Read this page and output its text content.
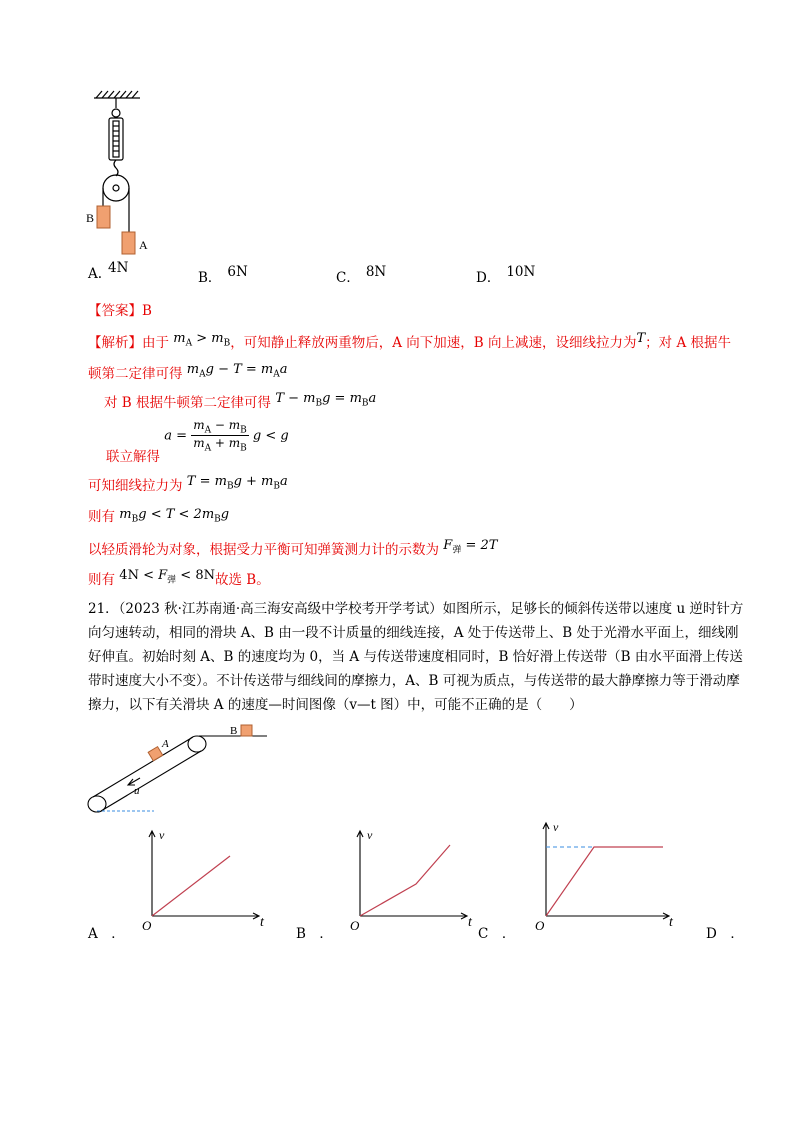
B
A
A. 4N
B． 6N	C． 8N	D． 10N
【答案】B
【解析】由于 $m_A > m_B$，可知静止释放两重物后，A 向下加速，B 向上减速，设细线拉力为T；对 A 根据牛
顿第二定律可得 $m_Ag - T = m_Aa$
对 B 根据牛顿第二定律可得 $T - m_Bg = m_Ba$
联立解得 $a = \frac{m_A - m_B}{m_A + m_B}$ g < g
可知细线拉力为 $T = m_Bg + m_Ba$
则有 $m_Bg < T < 2m_Bg$
以轻质滑轮为对象，根据受力平衡可知弹簧测力计的示数为 $F_弹 = 2T$
则有 $4N < F_弹 < 8N$故选 B。
21．（2023 秋·江苏南通·高三海安高级中学校考开学考试）如图所示，足够长的倾斜传送带以速度 u 逆时针方向匀速转动，相同的滑块 A、B 由一段不计质量的细线连接，A 处于传送带上、B 处于光滑水平面上，细线刚好伸直。初始时刻 A、B 的速度均为 0，当 A 与传送带速度相同时，B 恰好滑上传送带（B 由水平面滑上传送带时速度大小不变）。不计传送带与细线间的摩擦力，A、B 可视为质点，与传送带的最大静摩擦力等于滑动摩擦力，以下有关滑块 A 的速度—时间图像（v—t 图）中，可能不正确的是（　　）
A
B
u
v
t
O
v
t
O
v
t
O
A　．	B　．	C　．	D　．
